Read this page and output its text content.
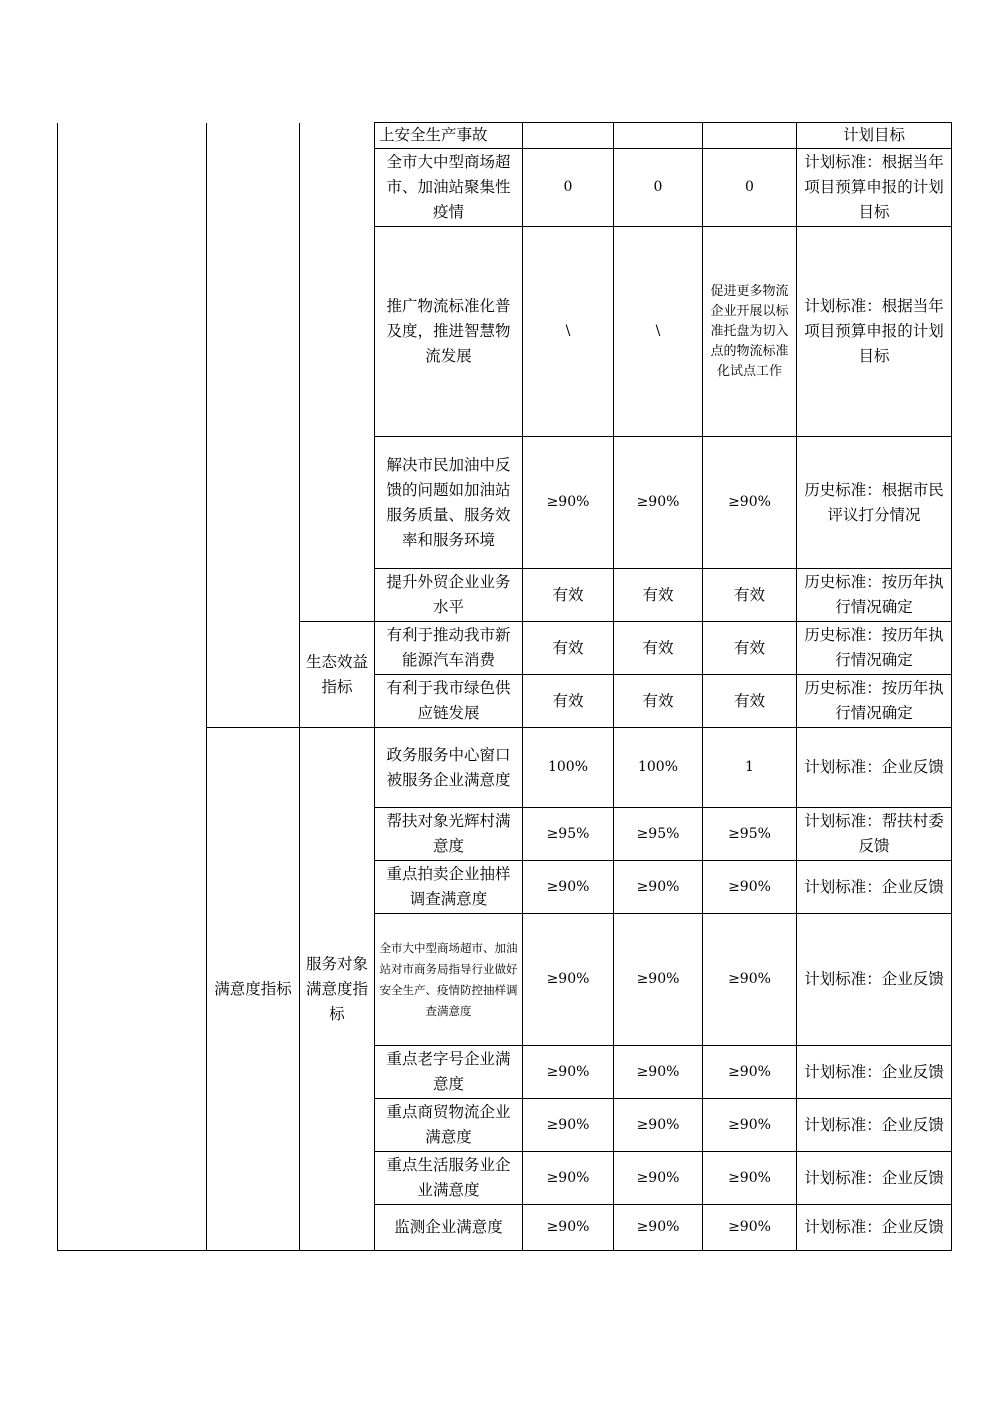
			上安全生产事故				计划目标
			全市大中型商场超市、加油站聚集性疫情	0	0	0	计划标准：根据当年项目预算申报的计划目标
			推广物流标准化普及度，推进智慧物流发展	\	\	促进更多物流企业开展以标准托盘为切入点的物流标准化试点工作	计划标准：根据当年项目预算申报的计划目标
			解决市民加油中反馈的问题如加油站服务质量、服务效率和服务环境	≥90%	≥90%	≥90%	历史标准：根据市民评议打分情况
			提升外贸企业业务水平	有效	有效	有效	历史标准：按历年执行情况确定
		生态效益指标	有利于推动我市新能源汽车消费	有效	有效	有效	历史标准：按历年执行情况确定
			有利于我市绿色供应链发展	有效	有效	有效	历史标准：按历年执行情况确定
	满意度指标	服务对象满意度指标	政务服务中心窗口被服务企业满意度	100%	100%	1	计划标准：企业反馈
			帮扶对象光辉村满意度	≥95%	≥95%	≥95%	计划标准：帮扶村委反馈
			重点拍卖企业抽样调查满意度	≥90%	≥90%	≥90%	计划标准：企业反馈
			全市大中型商场超市、加油站对市商务局指导行业做好安全生产、疫情防控抽样调查满意度	≥90%	≥90%	≥90%	计划标准：企业反馈
			重点老字号企业满意度	≥90%	≥90%	≥90%	计划标准：企业反馈
			重点商贸物流企业满意度	≥90%	≥90%	≥90%	计划标准：企业反馈
			重点生活服务业企业满意度	≥90%	≥90%	≥90%	计划标准：企业反馈
			监测企业满意度	≥90%	≥90%	≥90%	计划标准：企业反馈
